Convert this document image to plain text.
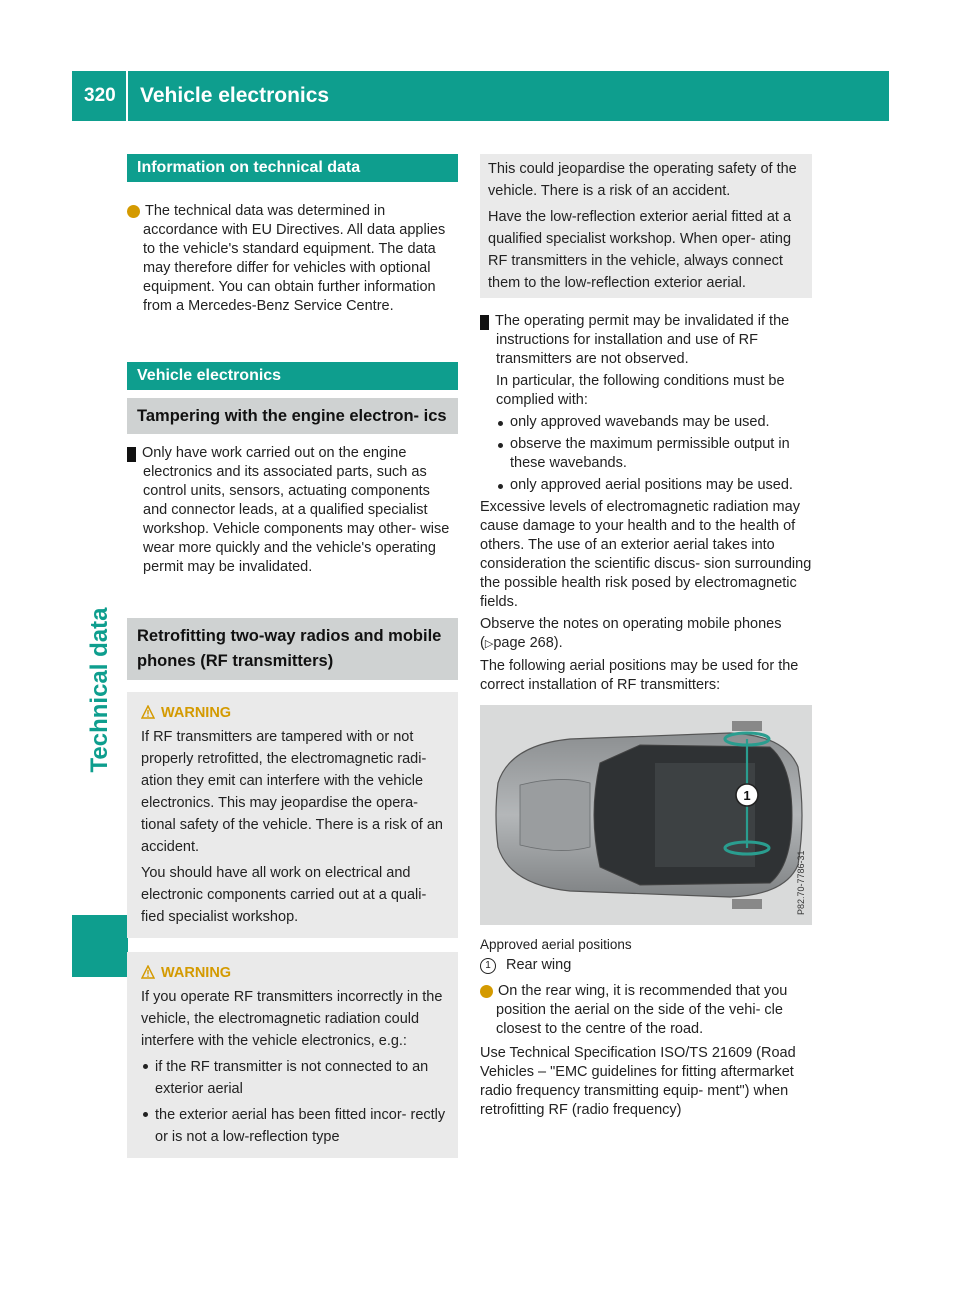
320 Vehicle electronics
Technical data
Information on technical data

i The technical data was determined in accordance with EU Directives. All data applies to the vehicle's standard equipment. The data may therefore differ for vehicles with optional equipment. You can obtain further information from a Mercedes-Benz Service Centre.

Vehicle electronics
Tampering with the engine electron- ics

! Only have work carried out on the engine electronics and its associated parts, such as control units, sensors, actuating components and connector leads, at a qualified specialist workshop. Vehicle components may other- wise wear more quickly and the vehicle's operating permit may be invalidated.

Retrofitting two-way radios and mobile phones (RF transmitters)
WARNING

If RF transmitters are tampered with or not properly retrofitted, the electromagnetic radi- ation they emit can interfere with the vehicle electronics. This may jeopardise the opera- tional safety of the vehicle. There is a risk of an accident.

You should have all work on electrical and electronic components carried out at a quali- fied specialist workshop.

WARNING

If you operate RF transmitters incorrectly in the vehicle, the electromagnetic radiation could interfere with the vehicle electronics, e.g.:

if the RF transmitter is not connected to an exterior aerial

the exterior aerial has been fitted incor- rectly or is not a low-reflection type

This could jeopardise the operating safety of the vehicle. There is a risk of an accident.

Have the low-reflection exterior aerial fitted at a qualified specialist workshop. When oper- ating RF transmitters in the vehicle, always connect them to the low-reflection exterior aerial.

! The operating permit may be invalidated if the instructions for installation and use of RF transmitters are not observed.

In particular, the following conditions must be complied with:

only approved wavebands may be used.

observe the maximum permissible output in these wavebands.

only approved aerial positions may be used.

Excessive levels of electromagnetic radiation may cause damage to your health and to the health of others. The use of an exterior aerial takes into consideration the scientific discus- sion surrounding the possible health risk posed by electromagnetic fields.

Observe the notes on operating mobile phones (▷page 268).

The following aerial positions may be used for the correct installation of RF transmitters:

1
P82.70-7786-31

Approved aerial positions

1 Rear wing

i On the rear wing, it is recommended that you position the aerial on the side of the vehi- cle closest to the centre of the road.

Use Technical Specification ISO/TS 21609 (Road Vehicles – "EMC guidelines for fitting aftermarket radio frequency transmitting equip- ment") when retrofitting RF (radio frequency)
